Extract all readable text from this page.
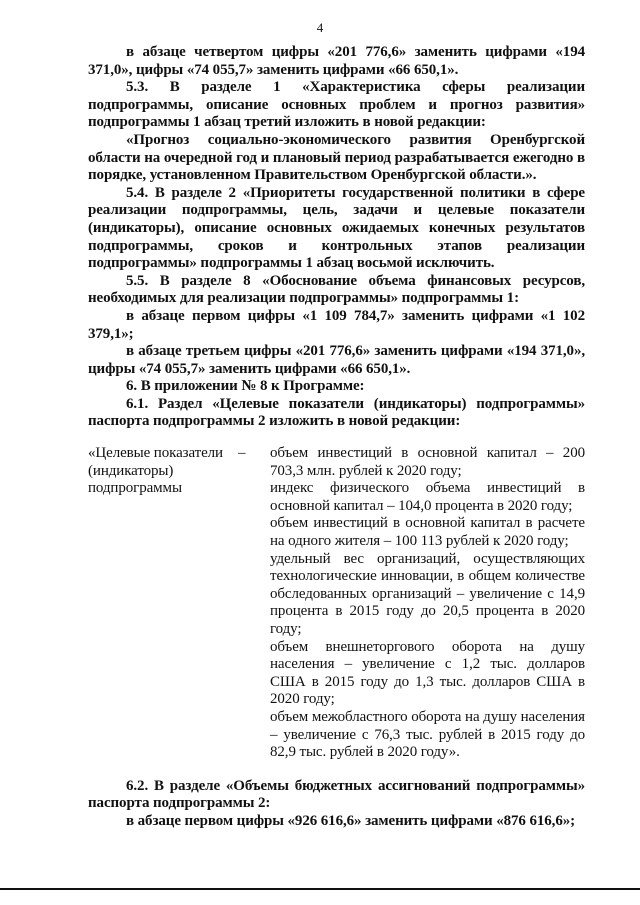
4

в абзаце четвертом цифры «201 776,6» заменить цифрами «194 371,0», цифры «74 055,7» заменить цифрами «66 650,1».

5.3. В разделе 1 «Характеристика сферы реализации подпрограммы, описание основных проблем и прогноз развития» подпрограммы 1 абзац третий изложить в новой редакции:

«Прогноз социально-экономического развития Оренбургской области на очередной год и плановый период разрабатывается ежегодно в порядке, установленном Правительством Оренбургской области.».

5.4. В разделе 2 «Приоритеты государственной политики в сфере реализации подпрограммы, цель, задачи и целевые показатели (индикаторы), описание основных ожидаемых конечных результатов подпрограммы, сроков и контрольных этапов реализации подпрограммы» подпрограммы 1 абзац восьмой исключить.

5.5. В разделе 8 «Обоснование объема финансовых ресурсов, необходимых для реализации подпрограммы» подпрограммы 1:

в абзаце первом цифры «1 109 784,7» заменить цифрами «1 102 379,1»;

в абзаце третьем цифры «201 776,6» заменить цифрами «194 371,0», цифры «74 055,7» заменить цифрами «66 650,1».

6. В приложении № 8 к Программе:

6.1. Раздел «Целевые показатели (индикаторы) подпрограммы» паспорта подпрограммы 2 изложить в новой редакции:

«Целевые показатели
(индикаторы)
подпрограммы
–	объем инвестиций в основной капитал – 200 703,3 млн. рублей к 2020 году;
индекс физического объема инвестиций в основной капитал – 104,0 процента в 2020 году;
объем инвестиций в основной капитал в расчете на одного жителя – 100 113 рублей к 2020 году;
удельный вес организаций, осуществляющих технологические инновации, в общем количестве обследованных организаций – увеличение с 14,9 процента в 2015 году до 20,5 процента в 2020 году;
объем внешнеторгового оборота на душу населения – увеличение с 1,2 тыс. долларов США в 2015 году до 1,3 тыс. долларов США в 2020 году;
объем межобластного оборота на душу населения – увеличение с 76,3 тыс. рублей в 2015 году до 82,9 тыс. рублей в 2020 году».

6.2. В разделе «Объемы бюджетных ассигнований подпрограммы» паспорта подпрограммы 2:

в абзаце первом цифры «926 616,6» заменить цифрами «876 616,6»;
